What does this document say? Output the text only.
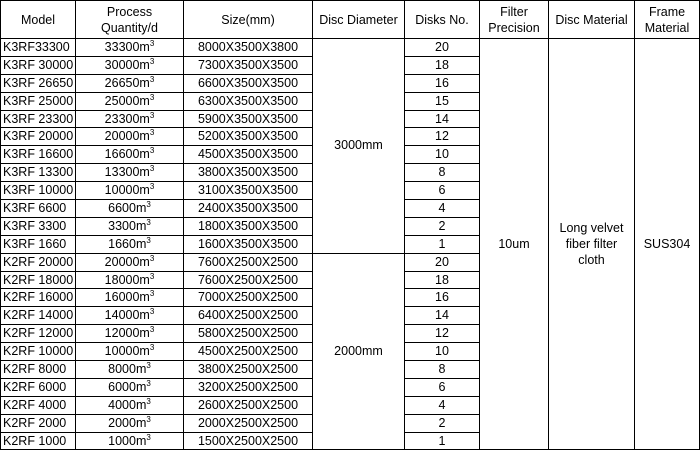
Model	Process Quantity/d	Size(mm)	Disc Diameter	Disks No.	Filter Precision	Disc Material	Frame Material
K3RF33300	$33300m^3$	8000X3500X3800	3000mm	20	10um	Long velvet fiber filter cloth	SUS304
K3RF 30000	$30000m^3$	7300X3500X3500		18			
K3RF 26650	$26650m^3$	6600X3500X3500		16			
K3RF 25000	$25000m^3$	6300X3500X3500		15			
K3RF 23300	$23300m^3$	5900X3500X3500		14			
K3RF 20000	$20000m^3$	5200X3500X3500		12			
K3RF 16600	$16600m^3$	4500X3500X3500		10			
K3RF 13300	$13300m^3$	3800X3500X3500		8			
K3RF 10000	$10000m^3$	3100X3500X3500		6			
K3RF 6600	$6600m^3$	2400X3500X3500		4			
K3RF 3300	$3300m^3$	1800X3500X3500		2			
K3RF 1660	$1660m^3$	1600X3500X3500		1			
K2RF 20000	$20000m^3$	7600X2500X2500	2000mm	20			
K2RF 18000	$18000m^3$	7600X2500X2500		18			
K2RF 16000	$16000m^3$	7000X2500X2500		16			
K2RF 14000	$14000m^3$	6400X2500X2500		14			
K2RF 12000	$12000m^3$	5800X2500X2500		12			
K2RF 10000	$10000m^3$	4500X2500X2500		10			
K2RF 8000	$8000m^3$	3800X2500X2500		8			
K2RF 6000	$6000m^3$	3200X2500X2500		6			
K2RF 4000	$4000m^3$	2600X2500X2500		4			
K2RF 2000	$2000m^3$	2000X2500X2500		2			
K2RF 1000	$1000m^3$	1500X2500X2500		1			
